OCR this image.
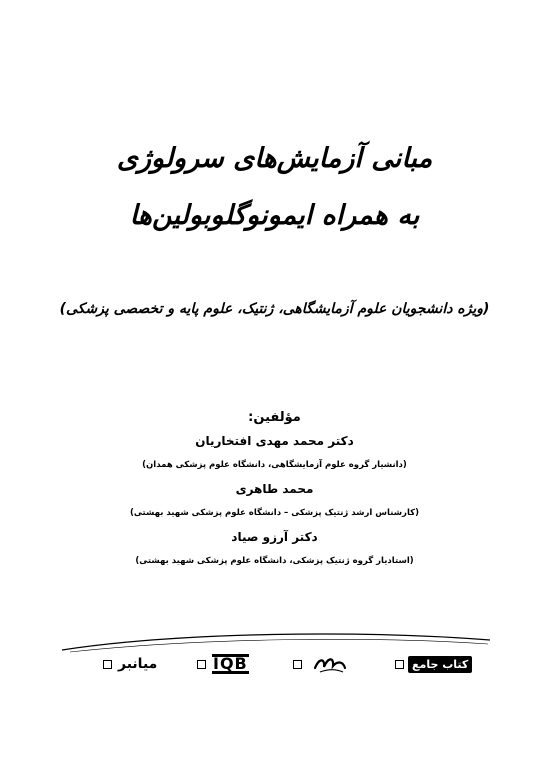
مبانی آزمایش‌های سرولوژی
به همراه ایمونوگلوبولین‌ها
(ویژه دانشجویان علوم آزمایشگاهی، ژنتیک، علوم پایه و تخصصی پزشکی)
مؤلفین:
دکتر محمد مهدی افتخاریان
(دانشیار گروه علوم آزمایشگاهی، دانشگاه علوم پزشکی همدان)
محمد طاهری
(کارشناس ارشد ژنتیک پزشکی – دانشگاه علوم پزشکی شهید بهشتی)
دکتر آرزو صیاد
(استادیار گروه ژنتیک پزشکی، دانشگاه علوم پزشکی شهید بهشتی)
میانبر	IQB	کتاب جامع
